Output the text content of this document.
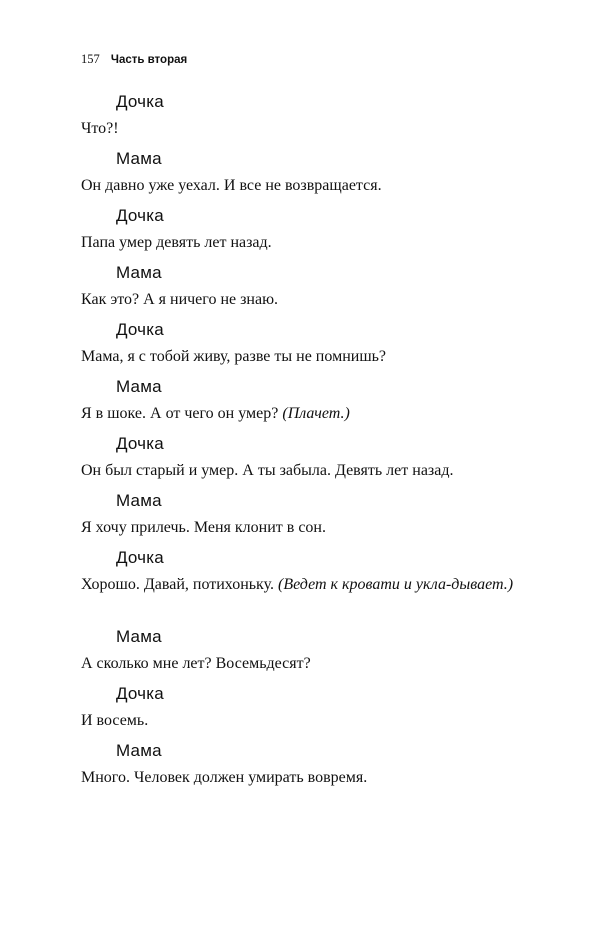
157 Часть вторая
Дочка
Что?!
Мама
Он давно уже уехал. И все не возвращается.
Дочка
Папа умер девять лет назад.
Мама
Как это? А я ничего не знаю.
Дочка
Мама, я с тобой живу, разве ты не помнишь?
Мама
Я в шоке. А от чего он умер? (Плачет.)
Дочка
Он был старый и умер. А ты забыла. Девять лет назад.
Мама
Я хочу прилечь. Меня клонит в сон.
Дочка
Хорошо. Давай, потихоньку. (Ведет к кровати и укла-дывает.)
Мама
А сколько мне лет? Восемьдесят?
Дочка
И восемь.
Мама
Много. Человек должен умирать вовремя.
